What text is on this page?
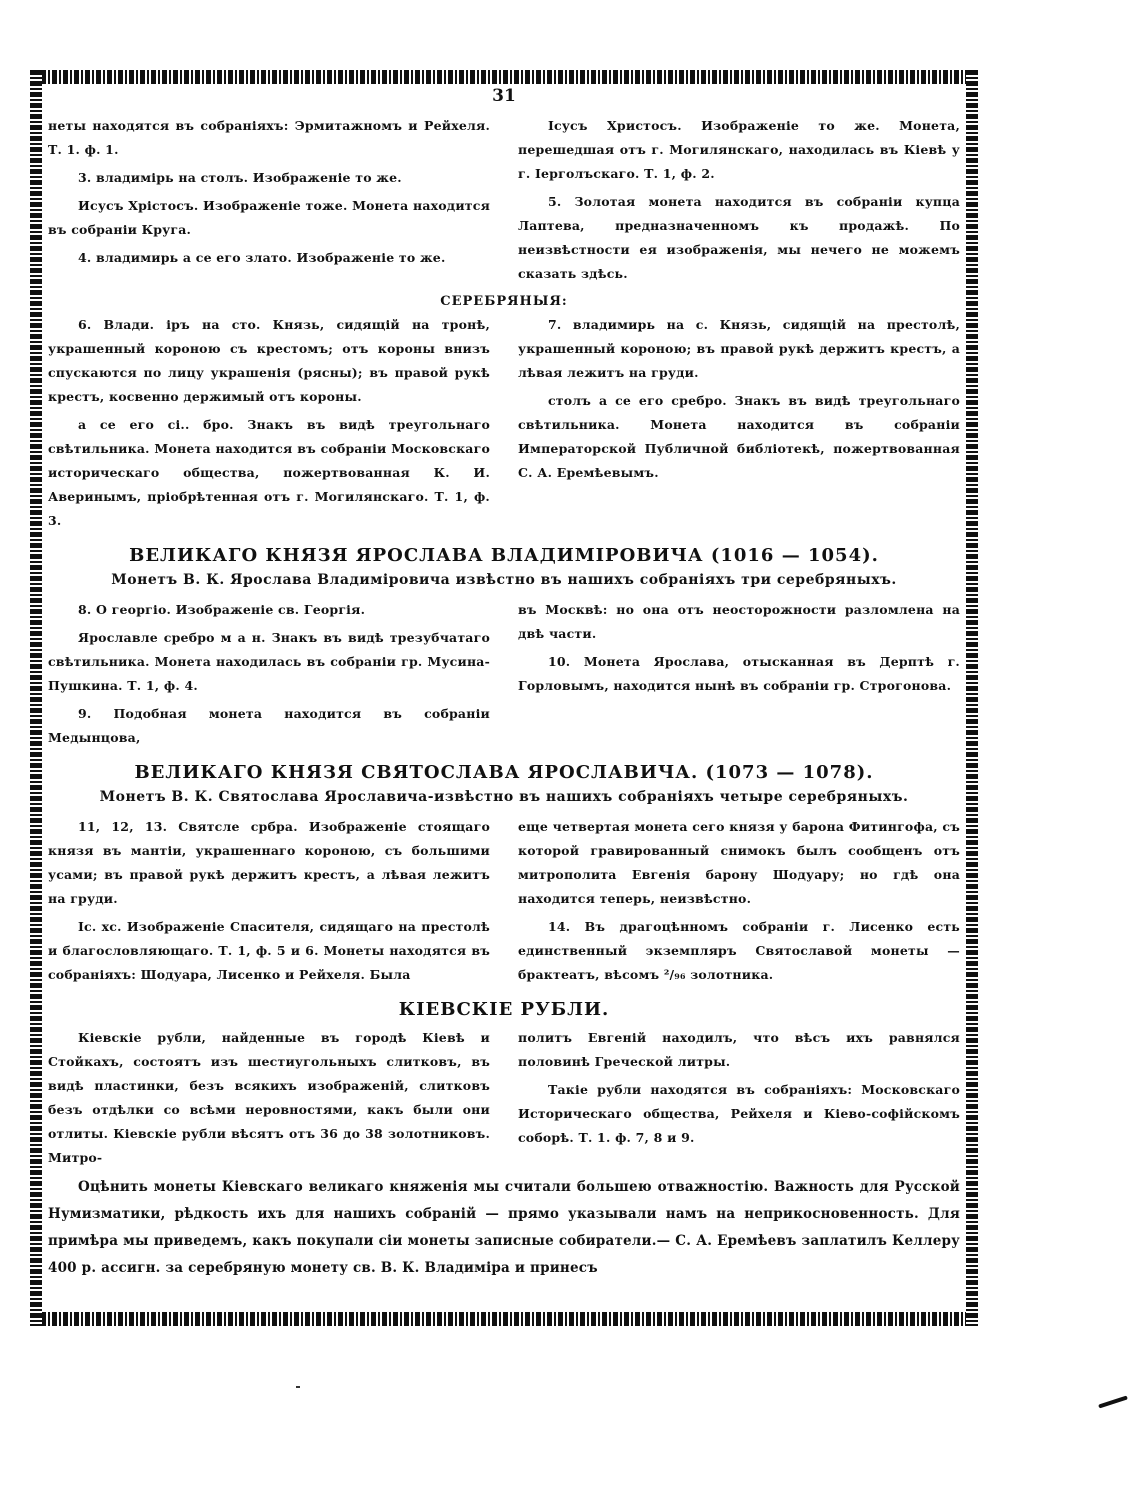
31

неты находятся въ собраніяхъ: Эрмитажномъ и Рейхеля. Т. 1. ф. 1.

3. владимірь на столъ. Изображеніе то же.

Исусъ Хрістосъ. Изображеніе тоже. Монета находится въ собраніи Круга.

4. владимирь а се его злато. Изображеніе то же.

Ісусъ Христосъ. Изображеніе то же. Монета, перешедшая отъ г. Могилянскаго, находилась въ Кіевѣ у г. Іерголъскаго. Т. 1, ф. 2.

5. Золотая монета находится въ собраніи купца Лаптева, предназначенномъ къ продажѣ. По неизвѣстности ея изображенія, мы нечего не можемъ сказать здѣсь.

СЕРЕБРЯНЫЯ:

6. Влади. іръ на сто. Князь, сидящій на тронѣ, украшенный короною съ крестомъ; отъ короны внизъ спускаются по лицу украшенія (рясны); въ правой рукѣ крестъ, косвенно держимый отъ короны.

а се его сі.. бро. Знакъ въ видѣ треугольнаго свѣтильника. Монета находится въ собраніи Московскаго историческаго общества, пожертвованная К. И. Аверинымъ, пріобрѣтенная отъ г. Могилянскаго. Т. 1, ф. 3.

7. владимирь на с. Князь, сидящій на престолѣ, украшенный короною; въ правой рукѣ держитъ крестъ, а лѣвая лежитъ на груди.

столъ а се его сребро. Знакъ въ видѣ треугольнаго свѣтильника. Монета находится въ собраніи Императорской Публичной библіотекѣ, пожертвованная С. А. Еремѣевымъ.

ВЕЛИКАГО КНЯЗЯ ЯРОСЛАВА ВЛАДИМІРОВИЧА (1016 — 1054).
Монетъ В. К. Ярослава Владиміровича извѣстно въ нашихъ собраніяхъ три серебряныхъ.

8. О георгіо. Изображеніе св. Георгія.

Ярославле сребро м а н. Знакъ въ видѣ трезубчатаго свѣтильника. Монета находилась въ собраніи гр. Мусина-Пушкина. Т. 1, ф. 4.

9. Подобная монета находится въ собраніи Медынцова,

въ Москвѣ: но она отъ неосторожности разломлена на двѣ части.

10. Монета Ярослава, отысканная въ Дерптѣ г. Горловымъ, находится нынѣ въ собраніи гр. Строгонова.

ВЕЛИКАГО КНЯЗЯ СВЯТОСЛАВА ЯРОСЛАВИЧА. (1073 — 1078).
Монетъ В. К. Святослава Ярославича-извѣстно въ нашихъ собраніяхъ четыре серебряныхъ.

11, 12, 13. Святсле србра. Изображеніе стоящаго князя въ мантіи, украшеннаго короною, съ большими усами; въ правой рукѣ держитъ крестъ, а лѣвая лежитъ на груди.

Іс. хс. Изображеніе Спасителя, сидящаго на престолѣ и благословляющаго. Т. 1, ф. 5 и 6. Монеты находятся въ собраніяхъ: Шодуара, Лисенко и Рейхеля. Была

еще четвертая монета сего князя у барона Фитингофа, съ которой гравированный снимокъ былъ сообщенъ отъ митрополита Евгенія барону Шодуару; но гдѣ она находится теперь, неизвѣстно.

14. Въ драгоцѣнномъ собраніи г. Лисенко есть единственный экземпляръ Святославой монеты — брактеатъ, вѣсомъ ²/₉₆ золотника.

КІЕВСКІЕ РУБЛИ.

Кіевскіе рубли, найденные въ городѣ Кіевѣ и Стойкахъ, состоятъ изъ шестиугольныхъ слитковъ, въ видѣ пластинки, безъ всякихъ изображеній, слитковъ безъ отдѣлки со всѣми неровностями, какъ были они отлиты. Кіевскіе рубли вѣсятъ отъ 36 до 38 золотниковъ. Митро-

политъ Евгеній находилъ, что вѣсъ ихъ равнялся половинѣ Греческой литры.

Такіе рубли находятся въ собраніяхъ: Московскаго Историческаго общества, Рейхеля и Кіево-софійскомъ соборѣ. Т. 1. ф. 7, 8 и 9.

Оцѣнить монеты Кіевскаго великаго княженія мы считали большею отважностію. Важность для Русской Нумизматики, рѣдкость ихъ для нашихъ собраній — прямо указывали намъ на неприкосновенность. Для примѣра мы приведемъ, какъ покупали сіи монеты записные собиратели.— С. А. Еремѣевъ заплатилъ Келлеру 400 р. ассигн. за серебряную монету св. В. К. Владиміра и принесъ
